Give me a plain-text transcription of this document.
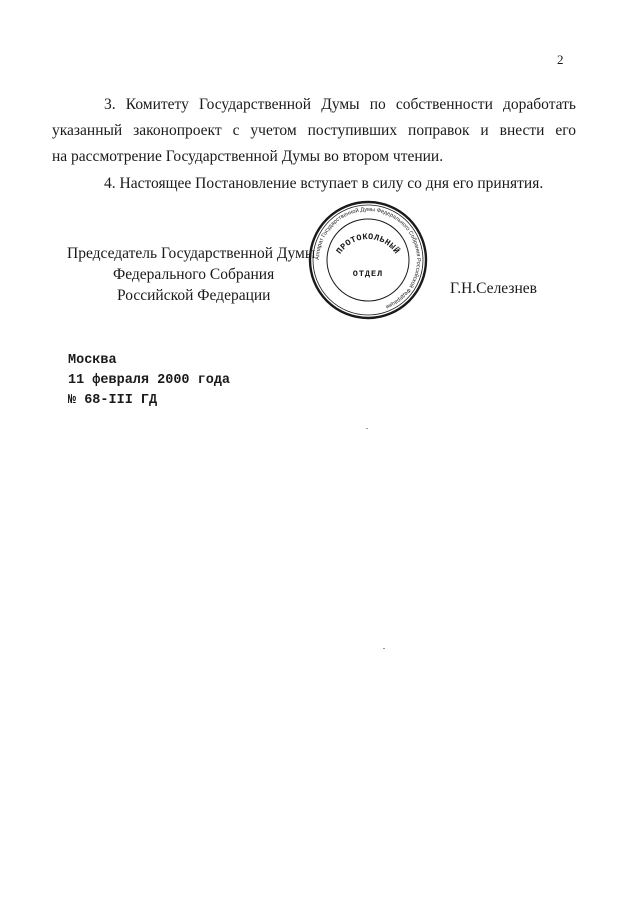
2

3. Комитету Государственной Думы по собственности доработать
указанный законопроект с учетом поступивших поправок и внести его
на рассмотрение Государственной Думы во втором чтении.

4. Настоящее Постановление вступает в силу со дня его принятия.

Председатель Государственной Думы
Федерального Собрания
Российской Федерации
Аппарат Государственной Думы Федерального Собрания Российской Федерации
ПРОТОКОЛЬНЫЙ
ОТДЕЛ
Г.Н.Селезнев
Москва
11 февраля 2000 года
№ 68-III ГД
